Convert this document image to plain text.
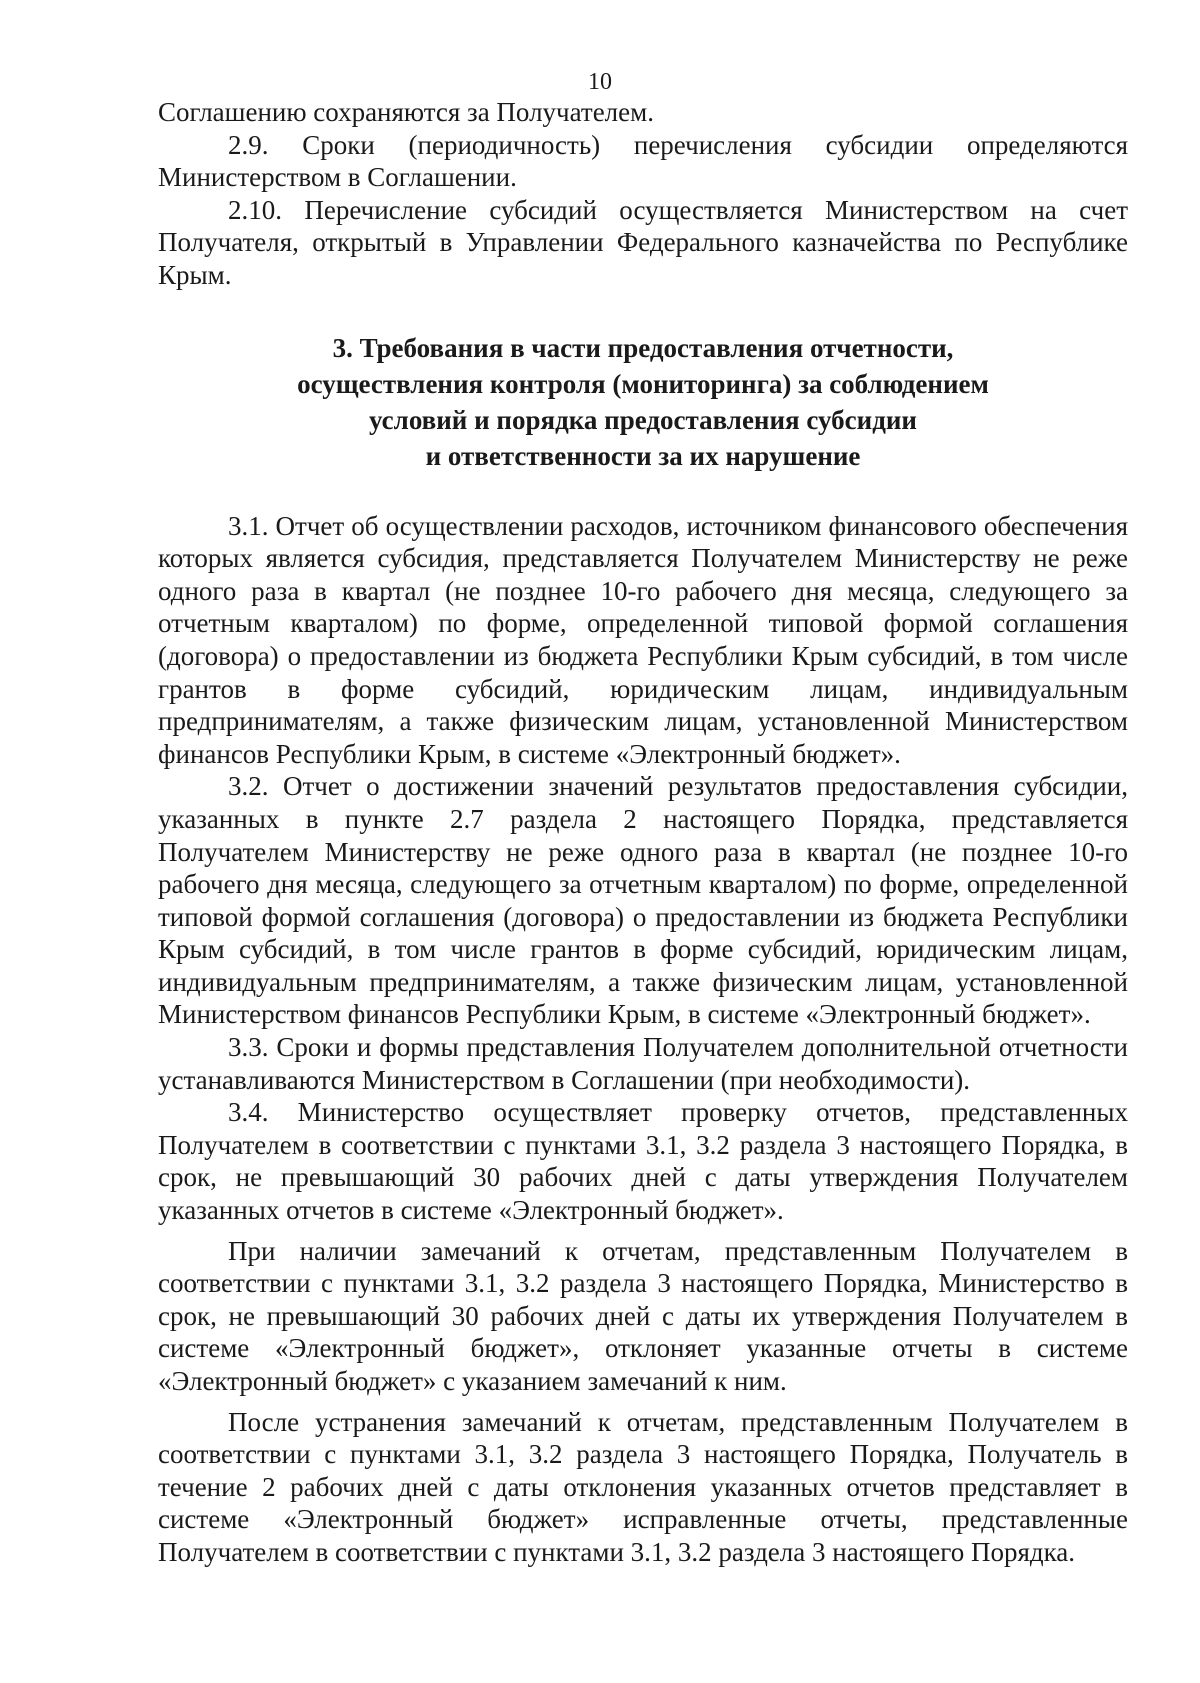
10

Соглашению сохраняются за Получателем.

2.9. Сроки (периодичность) перечисления субсидии определяются Министерством в Соглашении.

2.10. Перечисление субсидий осуществляется Министерством на счет Получателя, открытый в Управлении Федерального казначейства по Республике Крым.

3. Требования в части предоставления отчетности,
осуществления контроля (мониторинга) за соблюдением
условий и порядка предоставления субсидии
и ответственности за их нарушение

3.1. Отчет об осуществлении расходов, источником финансового обеспечения которых является субсидия, представляется Получателем Министерству не реже одного раза в квартал (не позднее 10-го рабочего дня месяца, следующего за отчетным кварталом) по форме, определенной типовой формой соглашения (договора) о предоставлении из бюджета Республики Крым субсидий, в том числе грантов в форме субсидий, юридическим лицам, индивидуальным предпринимателям, а также физическим лицам, установленной Министерством финансов Республики Крым, в системе «Электронный бюджет».

3.2. Отчет о достижении значений результатов предоставления субсидии, указанных в пункте 2.7 раздела 2 настоящего Порядка, представляется Получателем Министерству не реже одного раза в квартал (не позднее 10-го рабочего дня месяца, следующего за отчетным кварталом) по форме, определенной типовой формой соглашения (договора) о предоставлении из бюджета Республики Крым субсидий, в том числе грантов в форме субсидий, юридическим лицам, индивидуальным предпринимателям, а также физическим лицам, установленной Министерством финансов Республики Крым, в системе «Электронный бюджет».

3.3. Сроки и формы представления Получателем дополнительной отчетности устанавливаются Министерством в Соглашении (при необходимости).

3.4. Министерство осуществляет проверку отчетов, представленных Получателем в соответствии с пунктами 3.1, 3.2 раздела 3 настоящего Порядка, в срок, не превышающий 30 рабочих дней с даты утверждения Получателем указанных отчетов в системе «Электронный бюджет».

При наличии замечаний к отчетам, представленным Получателем в соответствии с пунктами 3.1, 3.2 раздела 3 настоящего Порядка, Министерство в срок, не превышающий 30 рабочих дней с даты их утверждения Получателем в системе «Электронный бюджет», отклоняет указанные отчеты в системе «Электронный бюджет» с указанием замечаний к ним.

После устранения замечаний к отчетам, представленным Получателем в соответствии с пунктами 3.1, 3.2 раздела 3 настоящего Порядка, Получатель в течение 2 рабочих дней с даты отклонения указанных отчетов представляет в системе «Электронный бюджет» исправленные отчеты, представленные Получателем в соответствии с пунктами 3.1, 3.2 раздела 3 настоящего Порядка.
